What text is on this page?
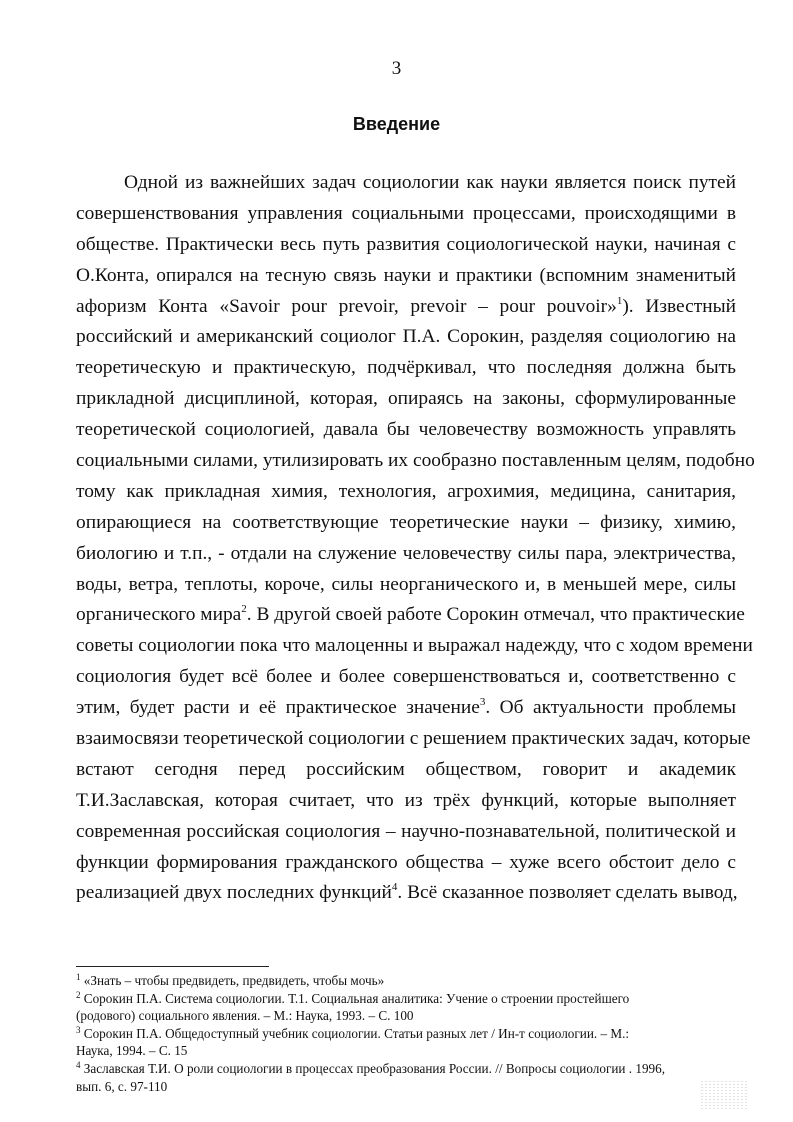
3
Введение
Одной из важнейших задач социологии как науки является поиск путей
совершенствования управления социальными процессами, происходящими в
обществе. Практически весь путь развития социологической науки, начиная с
О.Конта, опирался на тесную связь науки и практики (вспомним знаменитый
афоризм Конта «Savoir pour prevoir, prevoir – pour pouvoir»$^1$). Известный
российский и американский социолог П.А. Сорокин, разделяя социологию на
теоретическую и практическую, подчёркивал, что последняя должна быть
прикладной дисциплиной, которая, опираясь на законы, сформулированные
теоретической социологией, давала бы человечеству возможность управлять
социальными силами, утилизировать их сообразно поставленным целям, подобно
тому как прикладная химия, технология, агрохимия, медицина, санитария,
опирающиеся на соответствующие теоретические науки – физику, химию,
биологию и т.п., - отдали на служение человечеству силы пара, электричества,
воды, ветра, теплоты, короче, силы неорганического и, в меньшей мере, силы
органического мира$^2$. В другой своей работе Сорокин отмечал, что практические
советы социологии пока что малоценны и выражал надежду, что с ходом времени
социология будет всё более и более совершенствоваться и, соответственно с
этим, будет расти и её практическое значение$^3$. Об актуальности проблемы
взаимосвязи теоретической социологии с решением практических задач, которые
встают сегодня перед российским обществом, говорит и академик
Т.И.Заславская, которая считает, что из трёх функций, которые выполняет
современная российская социология – научно-познавательной, политической и
функции формирования гражданского общества – хуже всего обстоит дело с
реализацией двух последних функций$^4$. Всё сказанное позволяет сделать вывод,
$^1$ «Знать – чтобы предвидеть, предвидеть, чтобы мочь»
$^2$ Сорокин П.А. Система социологии. Т.1. Социальная аналитика: Учение о строении простейшего
(родового) социального явления. – М.: Наука, 1993. – С. 100
$^3$ Сорокин П.А. Общедоступный учебник социологии. Статьи разных лет / Ин-т социологии. – М.:
Наука, 1994. – С. 15
$^4$ Заславская Т.И. О роли социологии в процессах преобразования России. // Вопросы социологии . 1996,
вып. 6, с. 97-110
